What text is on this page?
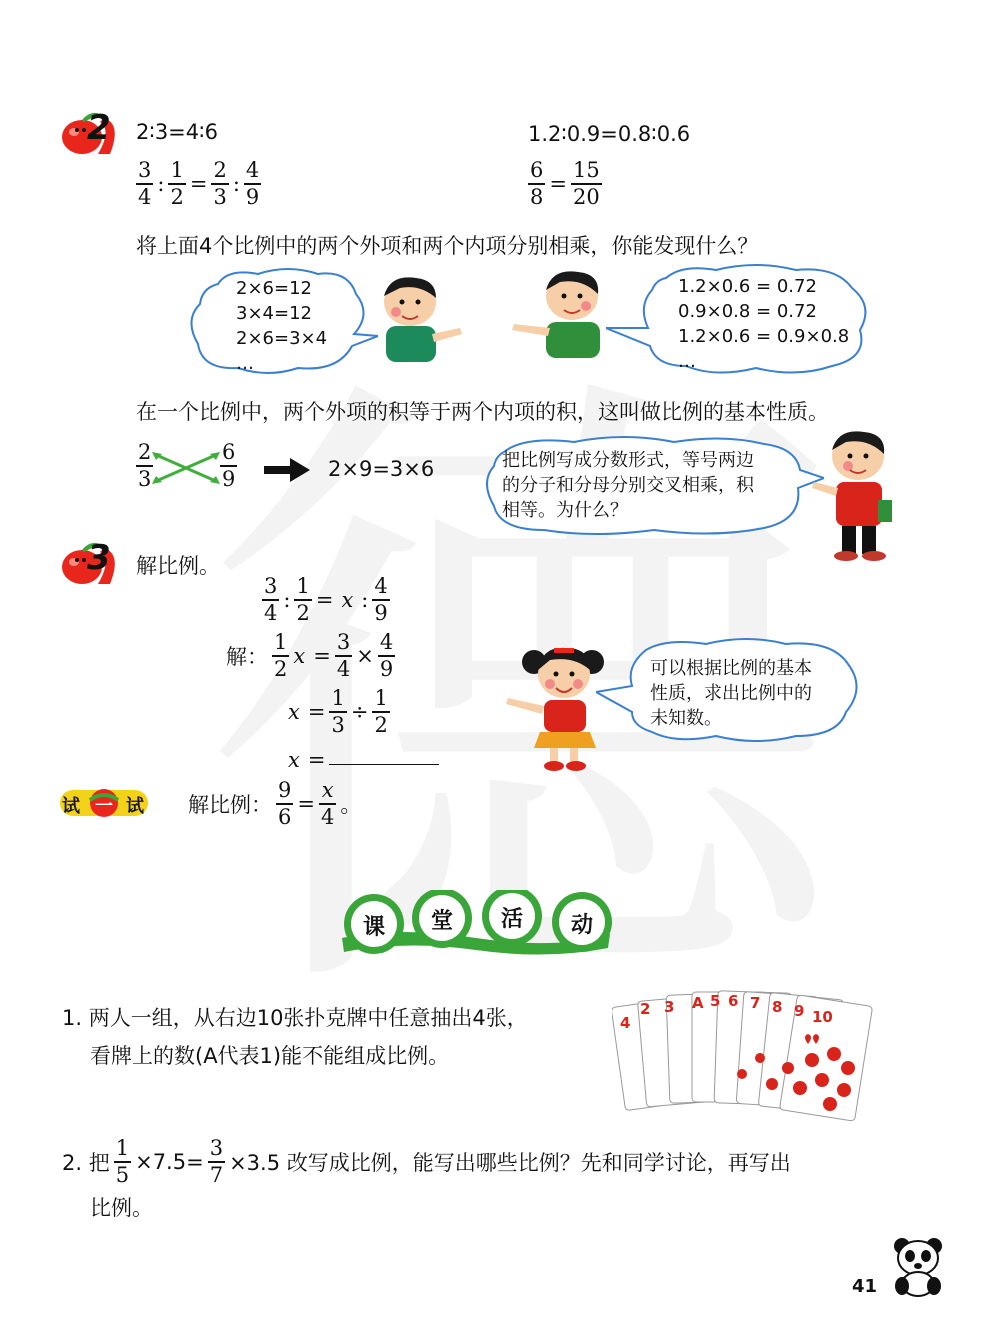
2 2∶3=4∶6	1.2∶0.9=0.8∶0.6
$\frac{3}{4}$ : $\frac{1}{2} = \frac{2}{3}$ : $\frac{4}{9}$	$\frac{6}{8} = \frac{15}{20}$
将上面4个比例中的两个外项和两个内项分别相乘，你能发现什么？
2×6=12
3×4=12
2×6=3×4
…
1.2×0.6 = 0.72
0.9×0.8 = 0.72
1.2×0.6 = 0.9×0.8
…
在一个比例中，两个外项的积等于两个内项的积，这叫做比例的基本性质。
$\frac{2}{3}$	$\frac{6}{9}$	2×9=3×6	把比例写成分数形式，等号两边
的分子和分母分别交叉相乘，积
相等。为什么？
3 解比例。
$\frac{3}{4}$ : $\frac{1}{2} = x$ : $\frac{4}{9}$
解： $\frac{1}{2}$ $x = \frac{3}{4} \times \frac{4}{9}$
$x = \frac{1}{3} \div \frac{1}{2}$
x =
可以根据比例的基本
性质，求出比例中的
未知数。
试 一 试 解比例： $\frac{9}{6} = \frac{x}{4}$ 。
课 堂 活 动
1. 两人一组，从右边10张扑克牌中任意抽出4张，
看牌上的数(A代表1)能不能组成比例。
4
2 3 A 5 6 7 8 9 10
2. 把 $\frac{1}{5} \times 7.5= \frac{3}{7} \times 3.5$ 改写成比例，能写出哪些比例？先和同学讨论，再写出
比例。
41
